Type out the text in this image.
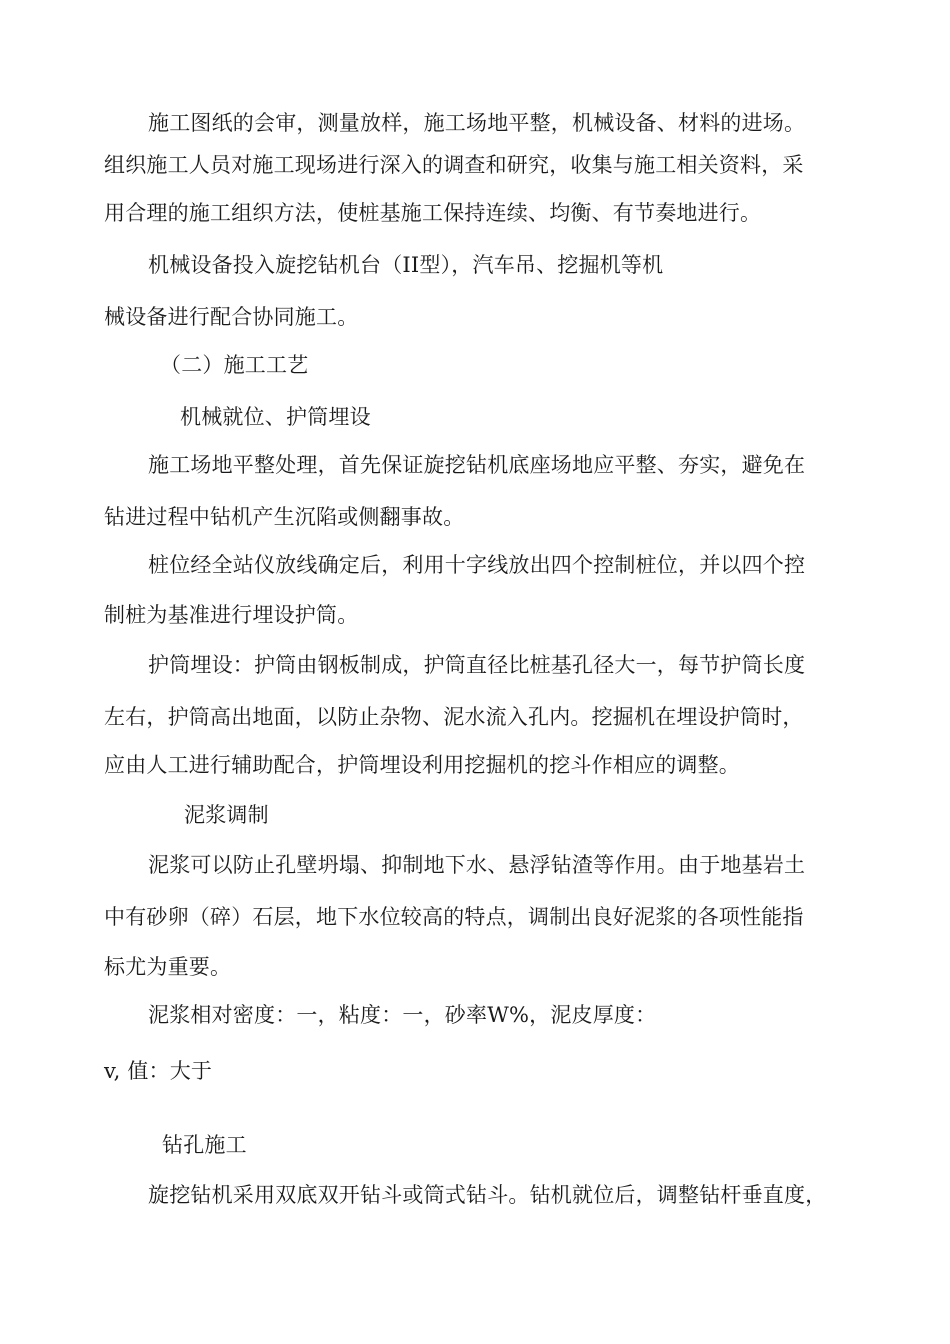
施工图纸的会审，测量放样，施工场地平整，机械设备、材料的进场。
组织施工人员对施工现场进行深入的调查和研究，收集与施工相关资料，采
用合理的施工组织方法，使桩基施工保持连续、均衡、有节奏地进行。
机械设备投入旋挖钻机台（II型），汽车吊、挖掘机等机
械设备进行配合协同施工。
（二）施工工艺
机械就位、护筒埋设
施工场地平整处理，首先保证旋挖钻机底座场地应平整、夯实，避免在
钻进过程中钻机产生沉陷或侧翻事故。
桩位经全站仪放线确定后，利用十字线放出四个控制桩位，并以四个控
制桩为基准进行埋设护筒。
护筒埋设：护筒由钢板制成，护筒直径比桩基孔径大一，每节护筒长度
左右，护筒高出地面，以防止杂物、泥水流入孔内。挖掘机在埋设护筒时，
应由人工进行辅助配合，护筒埋设利用挖掘机的挖斗作相应的调整。
泥浆调制
泥浆可以防止孔壁坍塌、抑制地下水、悬浮钻渣等作用。由于地基岩土
中有砂卵（碎）石层，地下水位较高的特点，调制出良好泥浆的各项性能指
标尤为重要。
泥浆相对密度：一，粘度：一，砂率W%，泥皮厚度：
v, 值：大于
钻孔施工
旋挖钻机采用双底双开钻斗或筒式钻斗。钻机就位后，调整钻杆垂直度，
